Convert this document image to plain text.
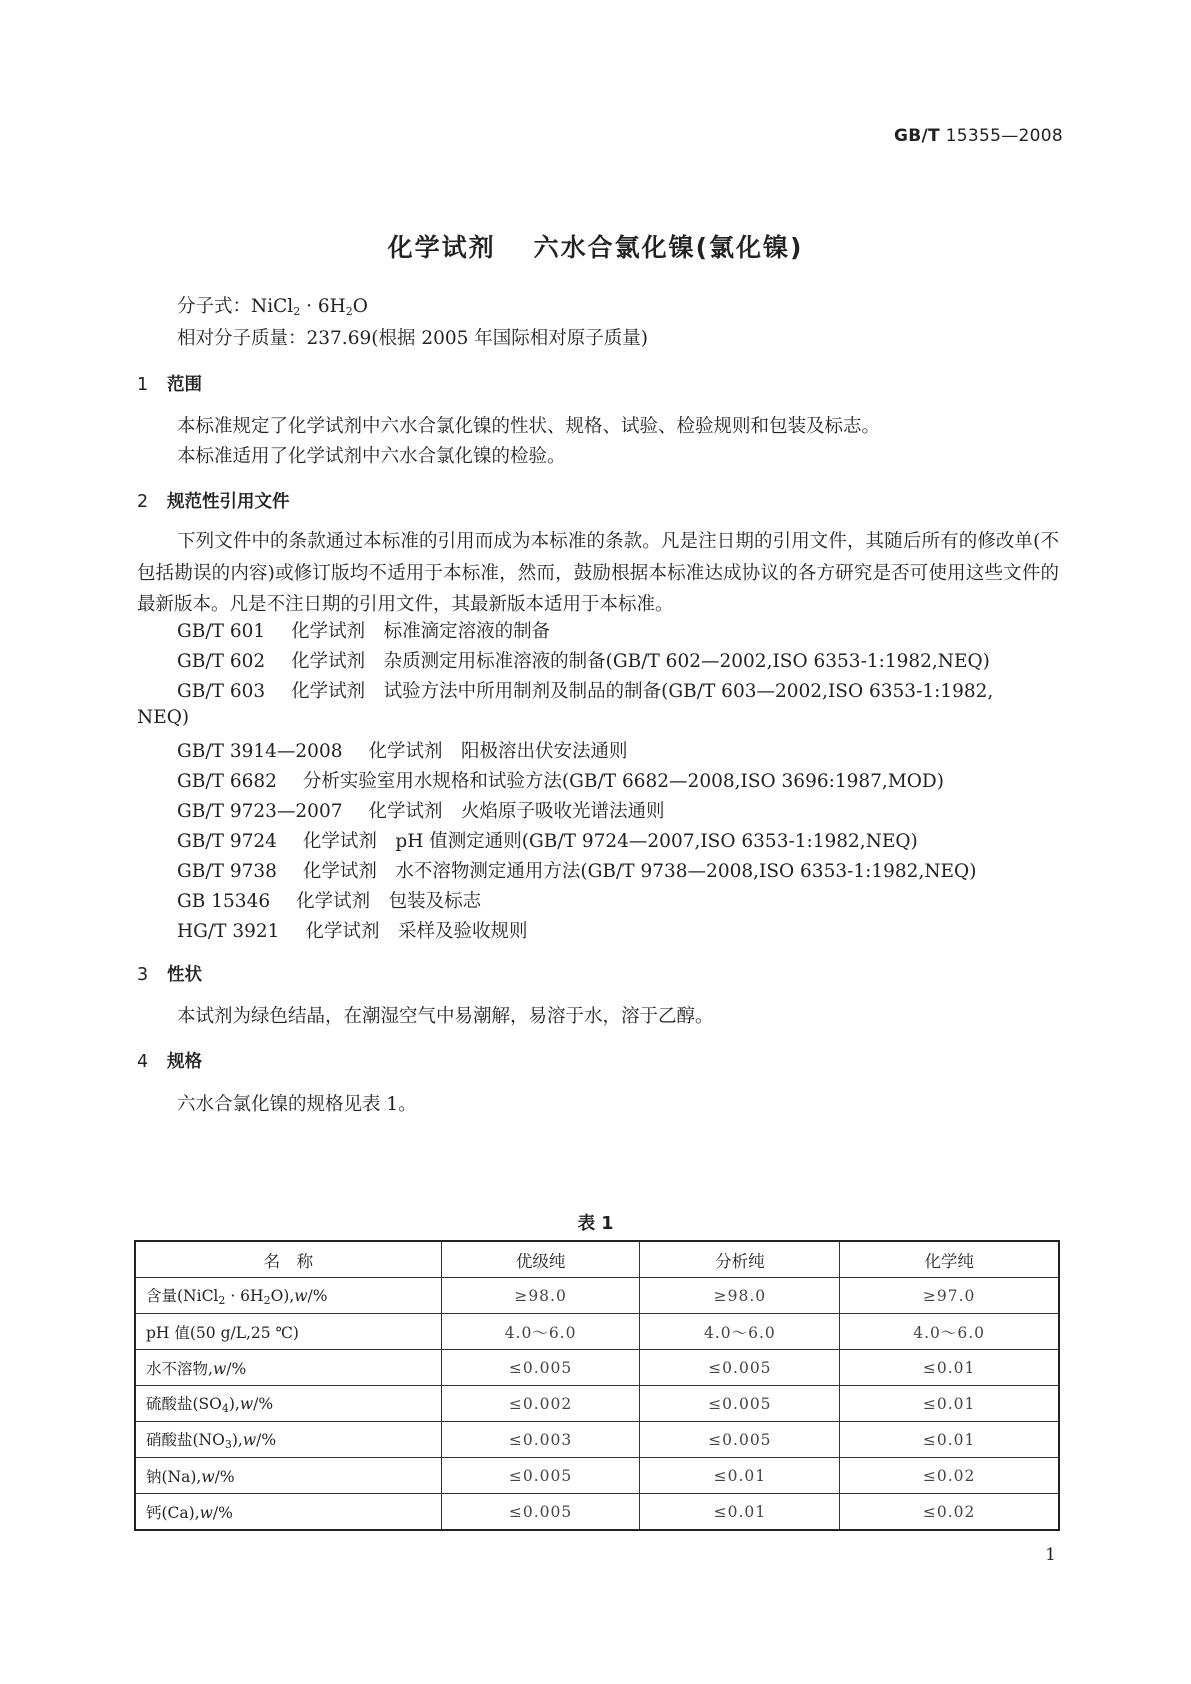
GB/T 15355—2008
化学试剂 六水合氯化镍(氯化镍)
分子式：NiCl$_2$ · $6H_2O$
相对分子质量：237.69(根据 2005 年国际相对原子质量)
1 范围
本标准规定了化学试剂中六水合氯化镍的性状、规格、试验、检验规则和包装及标志。
本标准适用了化学试剂中六水合氯化镍的检验。
2 规范性引用文件
下列文件中的条款通过本标准的引用而成为本标准的条款。凡是注日期的引用文件，其随后所有的修改单(不包括勘误的内容)或修订版均不适用于本标准，然而，鼓励根据本标准达成协议的各方研究是否可使用这些文件的最新版本。凡是不注日期的引用文件，其最新版本适用于本标准。
GB/T 601 化学试剂　标准滴定溶液的制备
GB/T 602 化学试剂　杂质测定用标准溶液的制备(GB/T 602—2002,ISO 6353-1:1982,NEQ)
GB/T 603 化学试剂　试验方法中所用制剂及制品的制备(GB/T 603—2002,ISO 6353-1:1982,
NEQ)
GB/T 3914—2008 化学试剂　阳极溶出伏安法通则
GB/T 6682 分析实验室用水规格和试验方法(GB/T 6682—2008,ISO 3696:1987,MOD)
GB/T 9723—2007 化学试剂　火焰原子吸收光谱法通则
GB/T 9724 化学试剂　pH 值测定通则(GB/T 9724—2007,ISO 6353-1:1982,NEQ)
GB/T 9738 化学试剂　水不溶物测定通用方法(GB/T 9738—2008,ISO 6353-1:1982,NEQ)
GB 15346 化学试剂　包装及标志
HG/T 3921 化学试剂　采样及验收规则
3 性状
本试剂为绿色结晶，在潮湿空气中易潮解，易溶于水，溶于乙醇。
4 规格
六水合氯化镍的规格见表 1。
表 1
名　称	优级纯	分析纯	化学纯
含量(NiCl$_2$ · $6H_2O),w/\%$	≥98.0	≥98.0	≥97.0
pH 值(50 g/L,25 ℃)	4.0～6.0	4.0～6.0	4.0～6.0
水不溶物,w/%	≤0.005	≤0.005	≤0.01
硫酸盐$(SO_4),w/\%$	≤0.002	≤0.005	≤0.01
硝酸盐$(NO_3),w/\%$	≤0.003	≤0.005	≤0.01
钠(Na),w/%	≤0.005	≤0.01	≤0.02
钙(Ca),w/%	≤0.005	≤0.01	≤0.02
1
